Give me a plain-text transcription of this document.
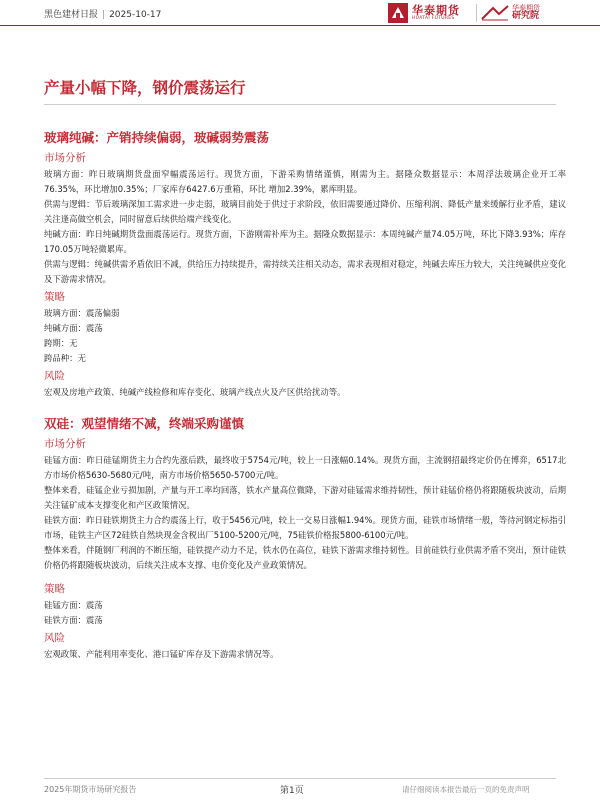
黑色建材日报 | 2025-10-17	华泰期货
HUATAI FUTURES
华泰期货
研究院
产量小幅下降，钢价震荡运行
玻璃纯碱：产销持续偏弱，玻碱弱势震荡
市场分析

玻璃方面：昨日玻璃期货盘面窄幅震荡运行。现货方面，下游采购情绪谨慎，刚需为主。据隆众数据显示：本周浮法玻璃企业开工率76.35%，环比增加0.35%；厂家库存6427.6万重箱，环比 增加2.39%，累库明显。

供需与逻辑：节后玻璃深加工需求进一步走弱，玻璃目前处于供过于求阶段，依旧需要通过降价、压缩利润、降低产量来缓解行业矛盾，建议关注逢高做空机会，同时留意后续供给端产线变化。

纯碱方面：昨日纯碱期货盘面震荡运行。现货方面，下游刚需补库为主。据隆众数据显示：本周纯碱产量74.05万吨，环比下降3.93%；库存170.05万吨轻微累库。

供需与逻辑：纯碱供需矛盾依旧不减，供给压力持续提升，需持续关注相关动态，需求表现相对稳定，纯碱去库压力较大，关注纯碱供应变化及下游需求情况。

策略

玻璃方面：震荡偏弱

纯碱方面：震荡

跨期：无

跨品种：无

风险

宏观及房地产政策、纯碱产线检修和库存变化、玻璃产线点火及产区供给扰动等。

双硅：观望情绪不减，终端采购谨慎
市场分析

硅锰方面：昨日硅锰期货主力合约先涨后跌，最终收于5754元/吨，较上一日涨幅0.14%。现货方面，主流钢招最终定价仍在博弈，6517北方市场价格5630-5680元/吨，南方市场价格5650-5700元/吨。

整体来看，硅锰企业亏损加剧，产量与开工率均回落，铁水产量高位微降，下游对硅锰需求维持韧性，预计硅锰价格仍将跟随板块波动，后期关注锰矿成本支撑变化和产区政策情况。

硅铁方面：昨日硅铁期货主力合约震荡上行，收于5456元/吨，较上一交易日涨幅1.94%。现货方面，硅铁市场情绪一般，等待河钢定标指引市场，硅铁主产区72硅铁自然块现金含税出厂5100-5200元/吨，75硅铁价格报5800-6100元/吨。

整体来看，伴随钢厂利润的不断压缩，硅铁提产动力不足，铁水仍在高位，硅铁下游需求维持韧性。目前硅铁行业供需矛盾不突出，预计硅铁价格仍将跟随板块波动，后续关注成本支撑、电价变化及产业政策情况。

策略

硅锰方面：震荡

硅铁方面：震荡

风险

宏观政策、产能利用率变化、港口锰矿库存及下游需求情况等。

2025年期货市场研究报告	第1页	请仔细阅读本报告最后一页的免责声明
